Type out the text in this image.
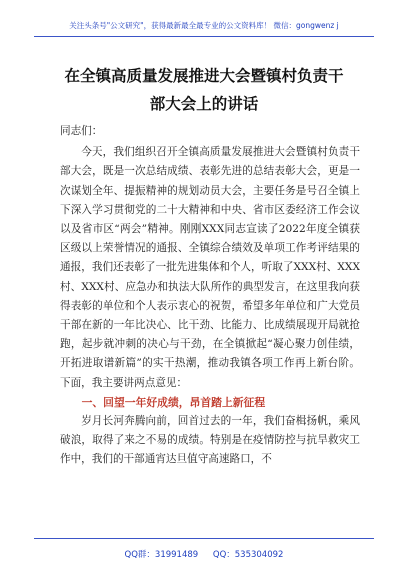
关注头条号"公文研究"，获得最新最全最专业的公文资料库！ 微信：gongwenz j
在全镇高质量发展推进大会暨镇村负责干
部大会上的讲话

同志们：

今天，我们组织召开全镇高质量发展推进大会暨镇村负责干部大会，既是一次总结成绩、表彰先进的总结表彰大会，更是一次谋划全年、提振精神的规划动员大会，主要任务是号召全镇上下深入学习贯彻党的二十大精神和中央、省市区委经济工作会议以及省市区“两会”精神。刚刚XXX同志宣读了2022年度全镇获区级以上荣誉情况的通报、全镇综合绩效及单项工作考评结果的通报，我们还表彰了一批先进集体和个人，听取了XXX村、XXX村、XXX村、应急办和执法大队所作的典型发言，在这里我向获得表彰的单位和个人表示衷心的祝贺，希望多年单位和广大党员干部在新的一年比决心、比干劲、比能力、比成绩展现开局就抢跑，起步就冲刺的决心与干劲，在全镇掀起“凝心聚力创佳绩，开拓进取谱新篇”的实干热潮，推动我镇各项工作再上新台阶。下面，我主要讲两点意见：

一、回望一年好成绩，昂首踏上新征程

岁月长河奔腾向前，回首过去的一年，我们奋楫扬帆，乘风破浪，取得了来之不易的成绩。特别是在疫情防控与抗旱救灾工作中，我们的干部通宵达旦值守高速路口，不

QQ群：31991489 QQ：535304092
